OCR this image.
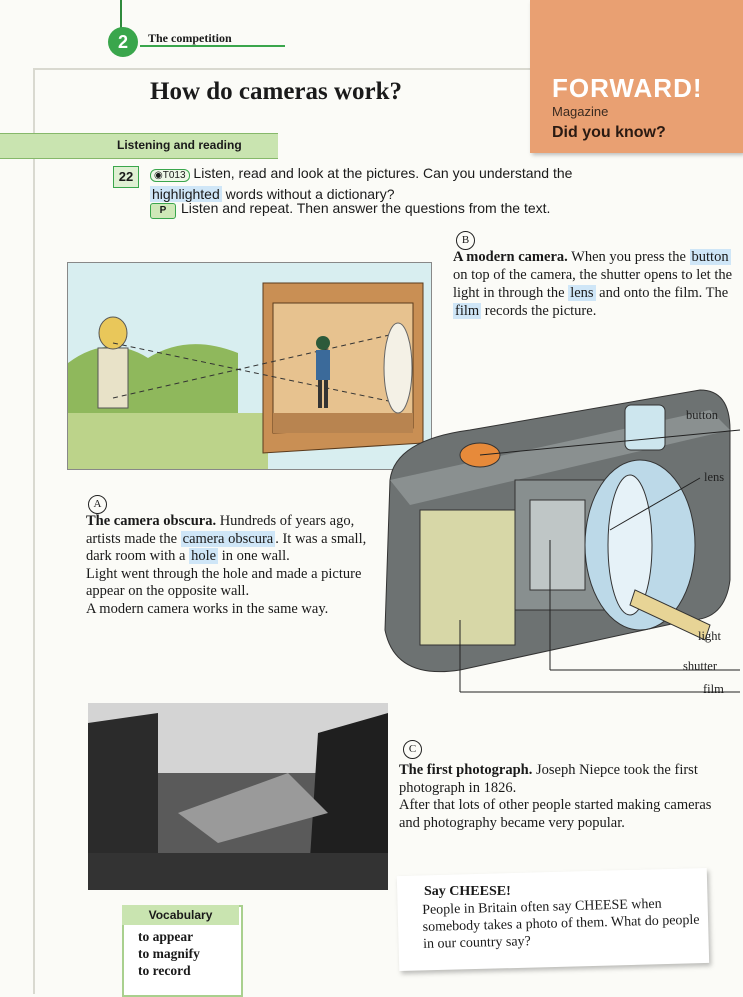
2	The competition
How do cameras work?	FORWARD!
Magazine
Did you know?
Listening and reading
22	◉T013 Listen, read and look at the pictures. Can you understand the highlighted words without a dictionary?
P	Listen and repeat. Then answer the questions from the text.
B
A modern camera. When you press the button on top of the camera, the shutter opens to let the light in through the lens and onto the film. The film records the picture.
button
lens
light
shutter
film
A
The camera obscura. Hundreds of years ago, artists made the camera obscura . It was a small, dark room with a hole in one wall.
Light went through the hole and made a picture appear on the opposite wall.
A modern camera works in the same way.
C
The first photograph. Joseph Niepce took the first photograph in 1826.
After that lots of other people started making cameras and photography became very popular.
Say CHEESE!
People in Britain often say CHEESE when somebody takes a photo of them. What do people in our country say?
Vocabulary
to appear
to magnify
to record
